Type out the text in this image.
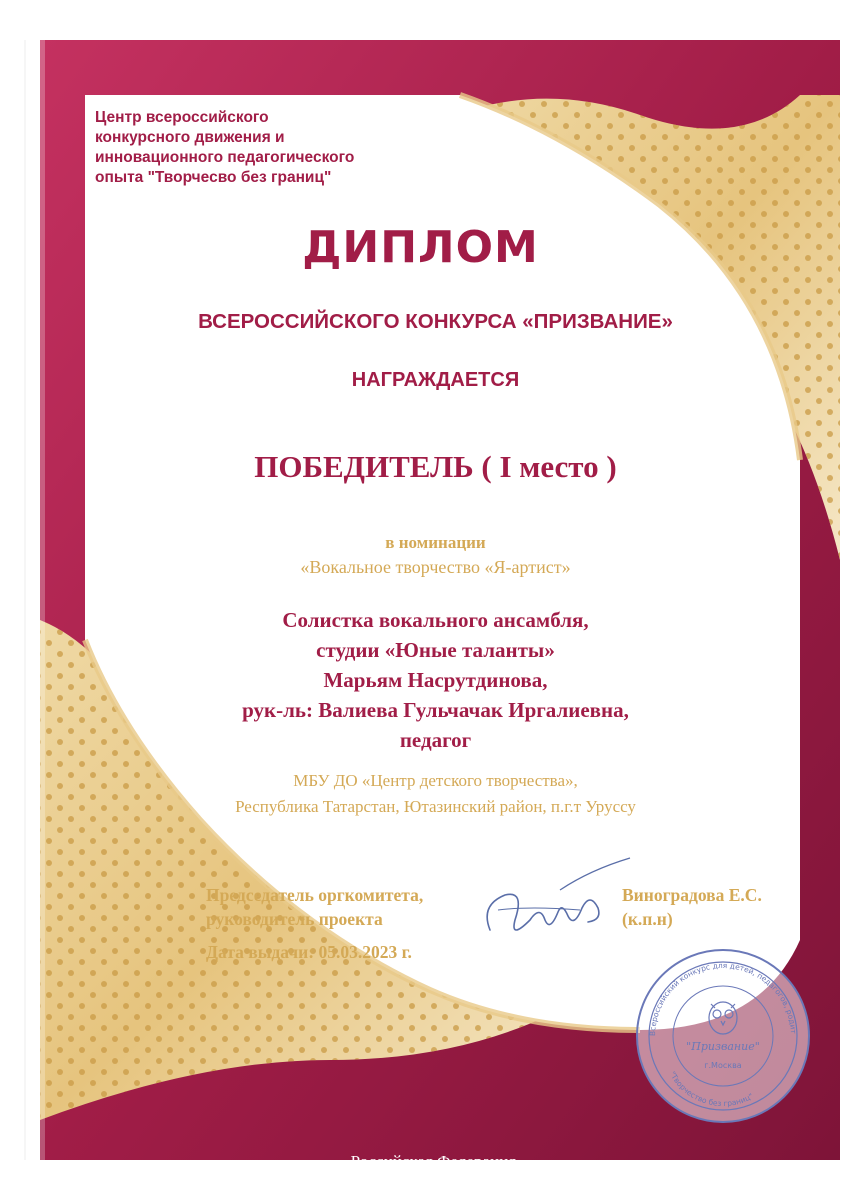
Центр всероссийского
конкурсного движения и
инновационного педагогического
опыта "Творчесво без границ"
ДИПЛОМ
ВСЕРОССИЙСКОГО КОНКУРСА «ПРИЗВАНИЕ»
НАГРАЖДАЕТСЯ
ПОБЕДИТЕЛЬ ( I место )
в номинации
«Вокальное творчество «Я-артист»
Солистка вокального ансамбля,
студии «Юные таланты»
Марьям Насрутдинова,
рук-ль: Валиева Гульчачак Иргалиевна,
педагог
МБУ ДО «Центр детского творчества»,
Республика Татарстан, Ютазинский район, п.г.т Уруссу
Председатель оргкомитета,
руководитель проекта
Дата выдачи: 05.03.2023 г.
Виноградова Е.С.
(к.п.н)
Всероссийский конкурс для детей, педагогов, родит
"Творчество без границ"
"Призвание"
г.Москва
Российская Федерация,
г. Москва
